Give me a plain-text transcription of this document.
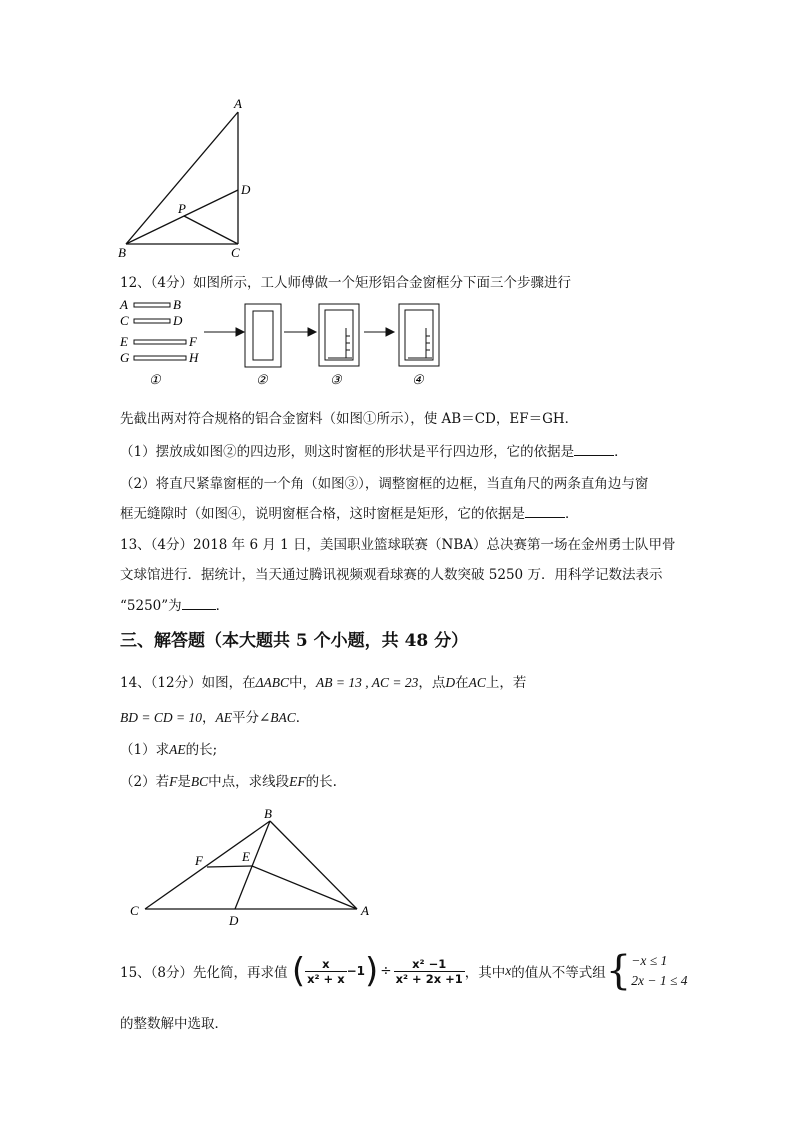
A
D
P
B	C
12、（4分）如图所示，工人师傅做一个矩形铝合金窗框分下面三个步骤进行
A	B
C	D
E	F
G	H
①	②	③	④
先截出两对符合规格的铝合金窗料（如图①所示），使 AB＝CD，EF＝GH．
（1）摆放成如图②的四边形，则这时窗框的形状是平行四边形，它的依据是	．
（2）将直尺紧靠窗框的一个角（如图③），调整窗框的边框，当直角尺的两条直角边与窗
框无缝隙时（如图④，说明窗框合格，这时窗框是矩形，它的依据是	．
13、（4分）2018 年 6 月 1 日，美国职业篮球联赛（NBA）总决赛第一场在金州勇士队甲骨
文球馆进行．据统计，当天通过腾讯视频观看球赛的人数突破 5250 万．用科学记数法表示
“5250”为	．
三、解答题（本大题共 5 个小题，共 48 分）
14、（12分）如图，在ΔABC中，AB = 13 , AC = 23，点D在AC上，若
BD = CD = 10，AE平分∠BAC．
（1）求AE的长;
（2）若F是BC中点，求线段EF的长.
B
F	E
C
D
A
15、（8分）先化简，再求值 ( $\frac{x}{\text{x² + x}} -1) \div \frac{\text{x² −1}}{\text{x² + 2x +1}}$ ，其中x的值从不等式组{ −x ≤ 1
2x − 1 ≤ 4
的整数解中选取．
